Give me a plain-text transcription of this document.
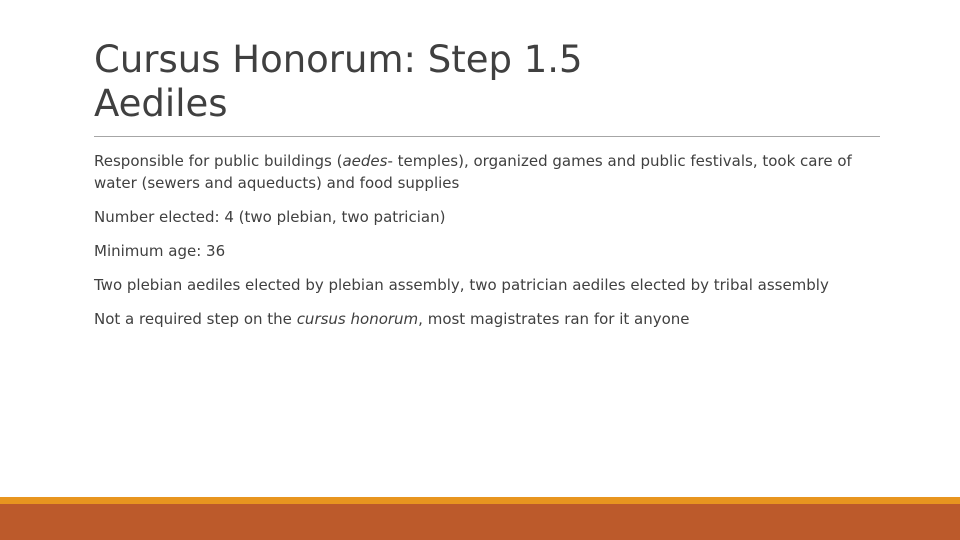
Cursus Honorum: Step 1.5
Aediles
Responsible for public buildings (aedes- temples), organized games and public festivals, took care of water (sewers and aqueducts) and food supplies
Number elected: 4 (two plebian, two patrician)
Minimum age: 36
Two plebian aediles elected by plebian assembly, two patrician aediles elected by tribal assembly
Not a required step on the cursus honorum, most magistrates ran for it anyone
